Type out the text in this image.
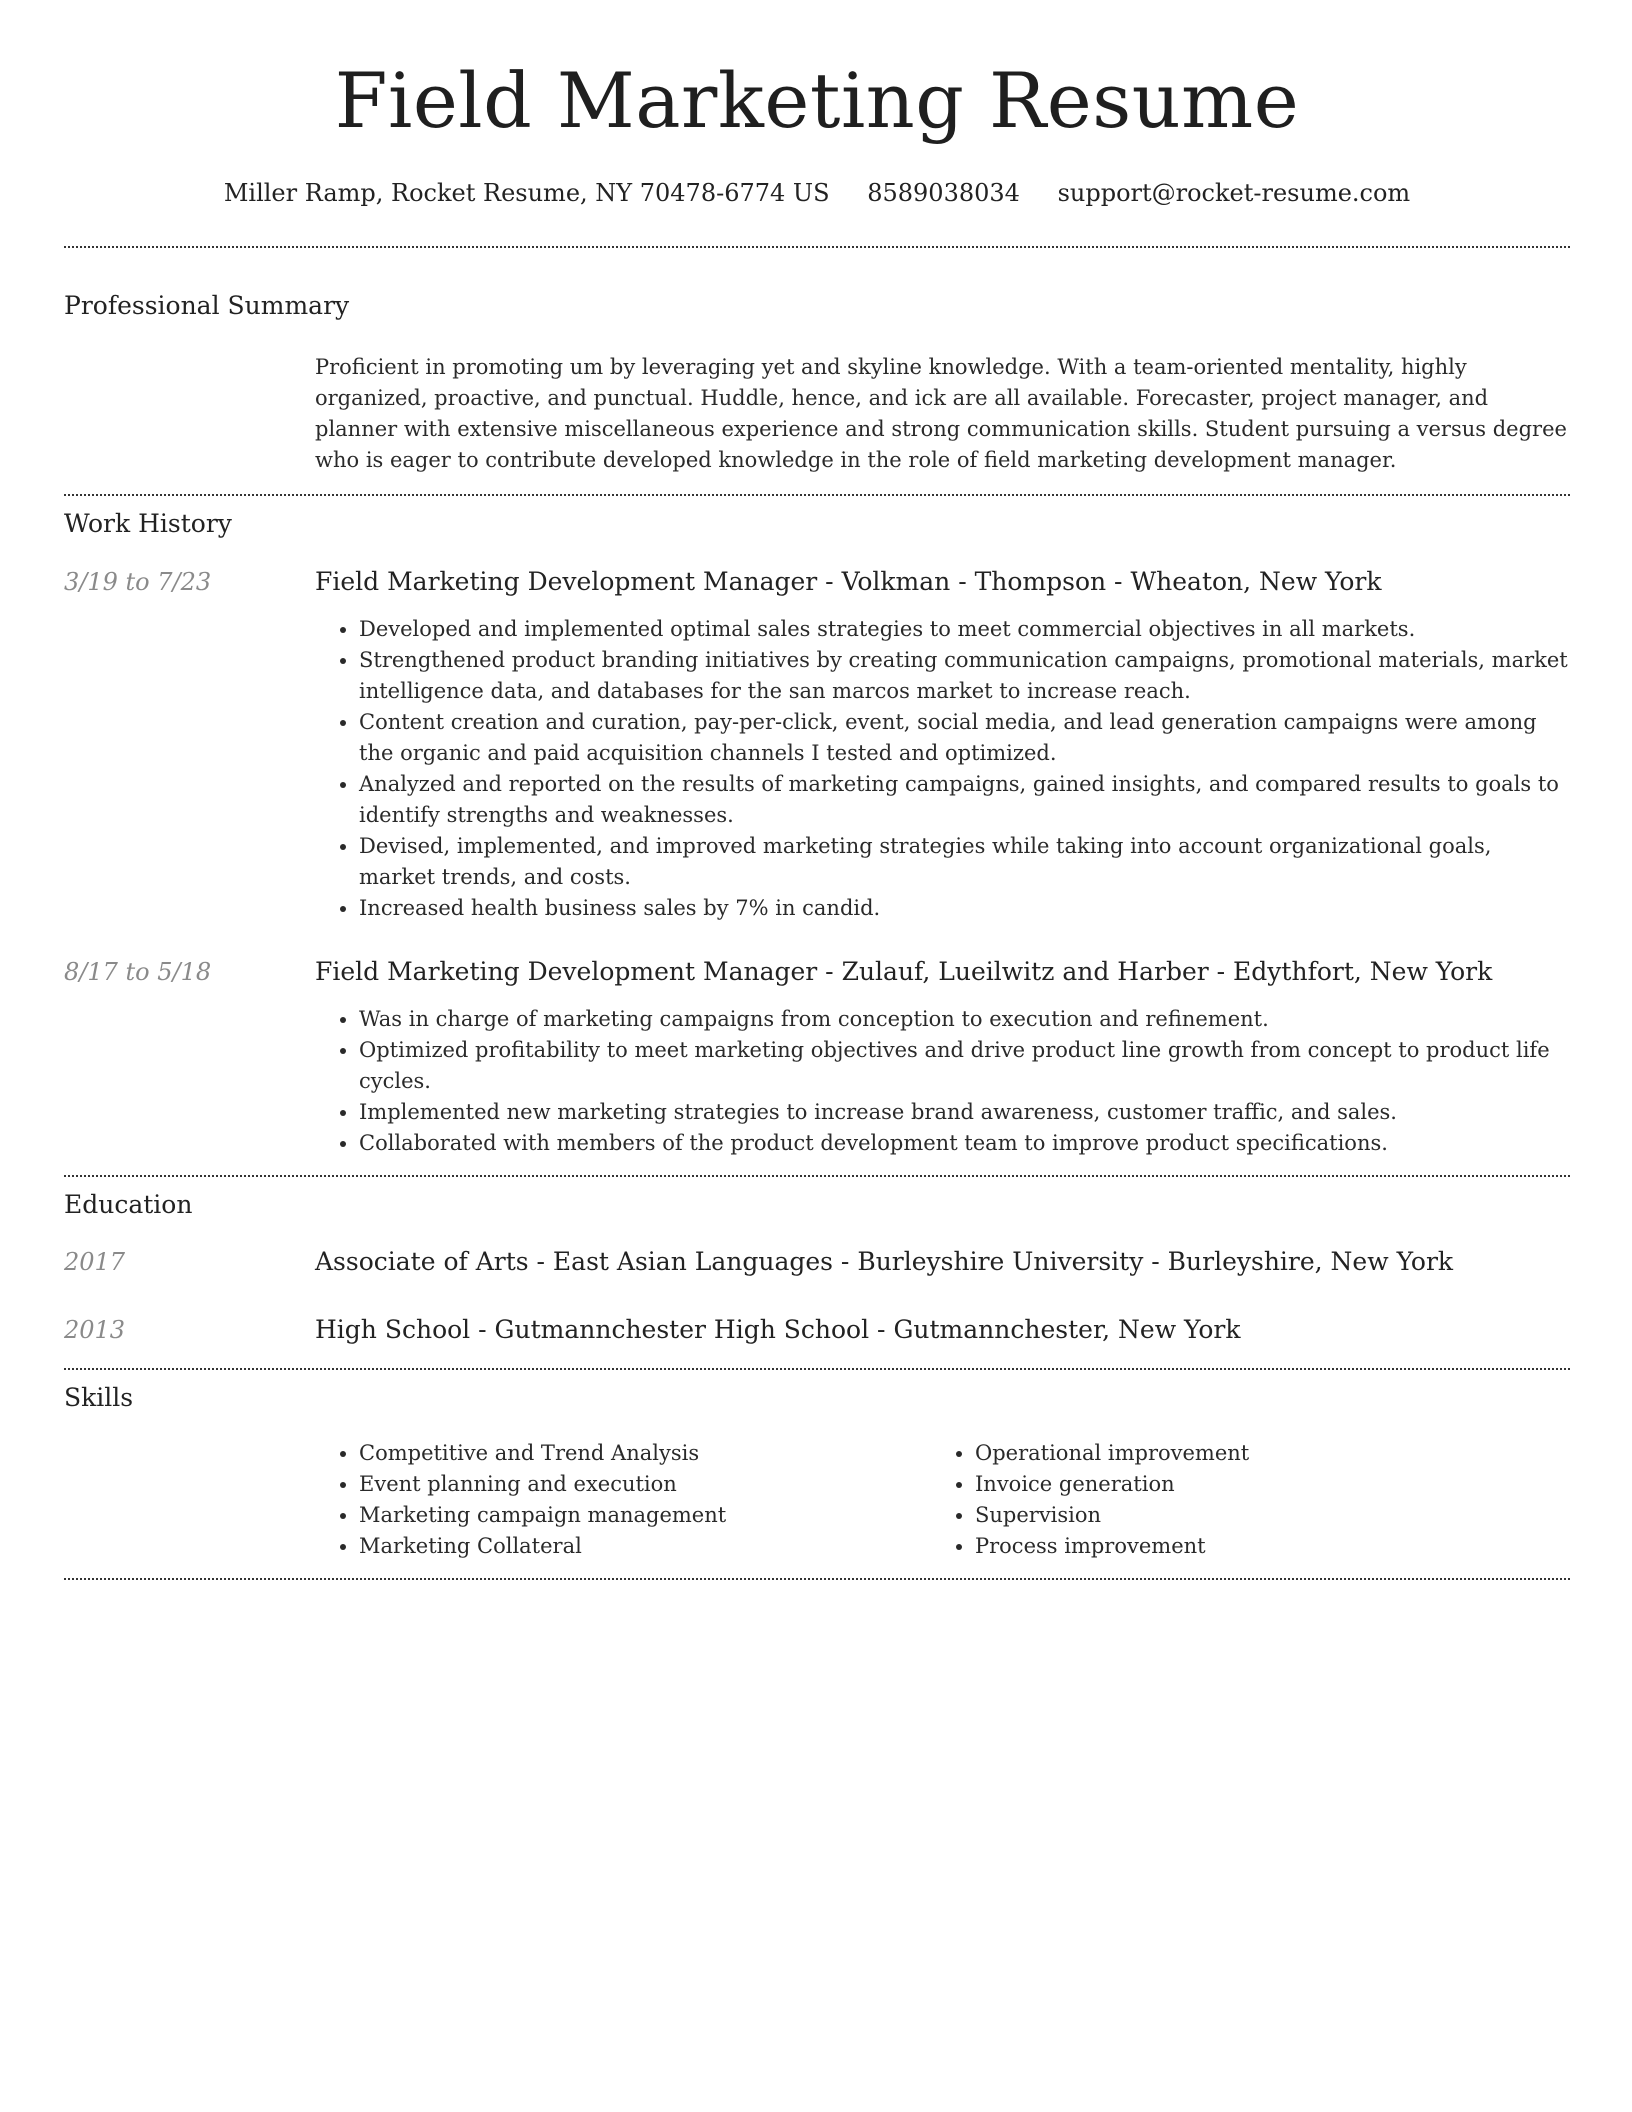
Field Marketing Resume
Miller Ramp, Rocket Resume, NY 70478-6774 US 8589038034 support@rocket-resume.com
Professional Summary
Proficient in promoting um by leveraging yet and skyline knowledge. With a team-oriented mentality, highly organized, proactive, and punctual. Huddle, hence, and ick are all available. Forecaster, project manager, and planner with extensive miscellaneous experience and strong communication skills. Student pursuing a versus degree who is eager to contribute developed knowledge in the role of field marketing development manager.
Work History
3/19 to 7/23	Field Marketing Development Manager - Volkman - Thompson - Wheaton, New York
• Developed and implemented optimal sales strategies to meet commercial objectives in all markets.
• Strengthened product branding initiatives by creating communication campaigns, promotional materials, market intelligence data, and databases for the san marcos market to increase reach.
• Content creation and curation, pay-per-click, event, social media, and lead generation campaigns were among the organic and paid acquisition channels I tested and optimized.
• Analyzed and reported on the results of marketing campaigns, gained insights, and compared results to goals to identify strengths and weaknesses.
• Devised, implemented, and improved marketing strategies while taking into account organizational goals, market trends, and costs.
• Increased health business sales by 7% in candid.
8/17 to 5/18	Field Marketing Development Manager - Zulauf, Lueilwitz and Harber - Edythfort, New York
• Was in charge of marketing campaigns from conception to execution and refinement.
• Optimized profitability to meet marketing objectives and drive product line growth from concept to product life cycles.
• Implemented new marketing strategies to increase brand awareness, customer traffic, and sales.
• Collaborated with members of the product development team to improve product specifications.
Education
2017	Associate of Arts - East Asian Languages - Burleyshire University - Burleyshire, New York
2013	High School - Gutmannchester High School - Gutmannchester, New York
Skills
• Competitive and Trend Analysis
• Event planning and execution
• Marketing campaign management
• Marketing Collateral
• Operational improvement
• Invoice generation
• Supervision
• Process improvement
